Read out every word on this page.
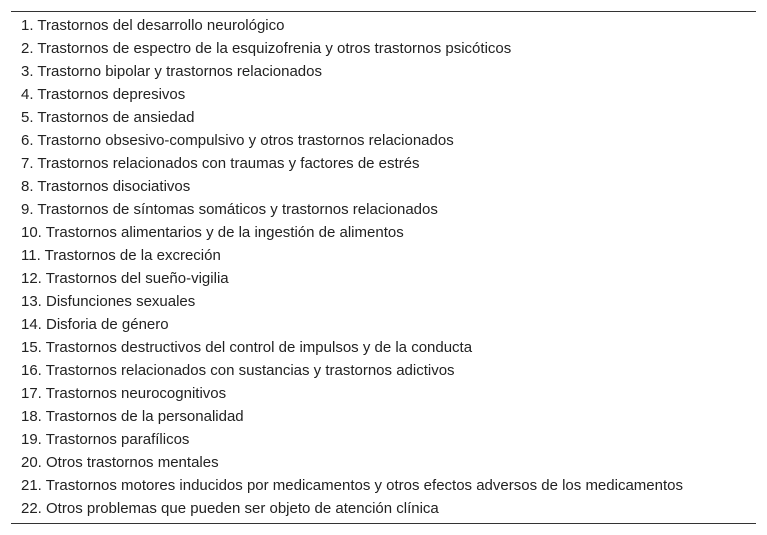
1. Trastornos del desarrollo neurológico
2. Trastornos de espectro de la esquizofrenia y otros trastornos psicóticos
3. Trastorno bipolar y trastornos relacionados
4. Trastornos depresivos
5. Trastornos de ansiedad
6. Trastorno obsesivo-compulsivo y otros trastornos relacionados
7. Trastornos relacionados con traumas y factores de estrés
8. Trastornos disociativos
9. Trastornos de síntomas somáticos y trastornos relacionados
10. Trastornos alimentarios y de la ingestión de alimentos
11. Trastornos de la excreción
12. Trastornos del sueño-vigilia
13. Disfunciones sexuales
14. Disforia de género
15. Trastornos destructivos del control de impulsos y de la conducta
16. Trastornos relacionados con sustancias y trastornos adictivos
17. Trastornos neurocognitivos
18. Trastornos de la personalidad
19. Trastornos parafílicos
20. Otros trastornos mentales
21. Trastornos motores inducidos por medicamentos y otros efectos adversos de los medicamentos
22. Otros problemas que pueden ser objeto de atención clínica
